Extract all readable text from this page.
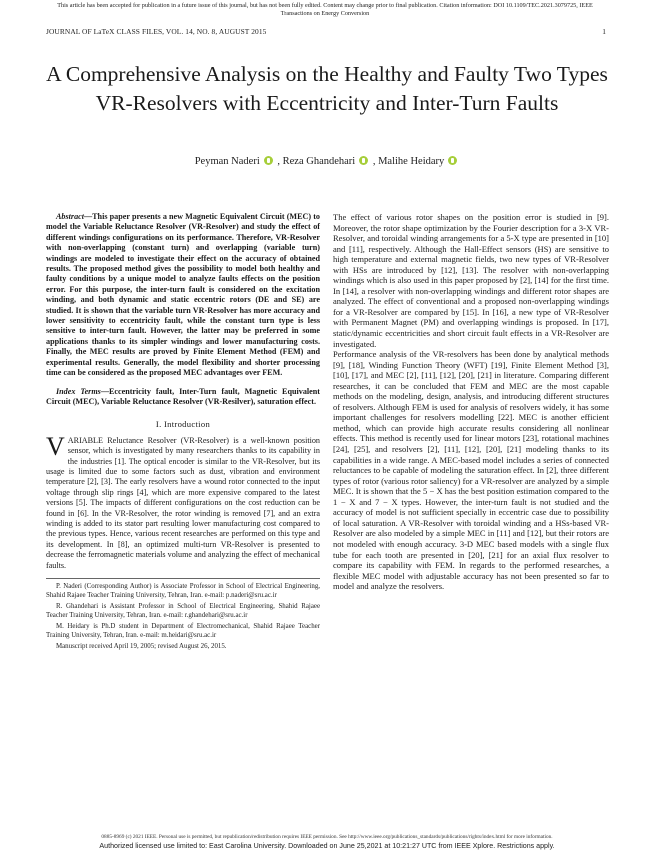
This article has been accepted for publication in a future issue of this journal, but has not been fully edited. Content may change prior to final publication. Citation information: DOI 10.1109/TEC.2021.3079725, IEEE
Transactions on Energy Conversion
JOURNAL OF LaTeX CLASS FILES, VOL. 14, NO. 8, AUGUST 2015	1
A Comprehensive Analysis on the Healthy and Faulty Two Types VR-Resolvers with Eccentricity and Inter-Turn Faults
Peyman Naderi , Reza Ghandehari , Malihe Heidary

Abstract—This paper presents a new Magnetic Equivalent Circuit (MEC) to model the Variable Reluctance Resolver (VR-Resolver) and study the effect of different windings configurations on its performance. Therefore, VR-Resolver with non-overlapping (constant turn) and overlapping (variable turn) windings are modeled to investigate their effect on the accuracy of obtained results. The proposed method gives the possibility to model both healthy and faulty conditions by a unique model to analyze faults effects on the position error. For this purpose, the inter-turn fault is considered on the excitation winding, and both dynamic and static eccentric rotors (DE and SE) are studied. It is shown that the variable turn VR-Resolver has more accuracy and lower sensitivity to eccentricity fault, while the constant turn type is less sensitive to inter-turn fault. However, the latter may be preferred in some applications thanks to its simpler windings and lower manufacturing costs. Finally, the MEC results are proved by Finite Element Method (FEM) and experimental results. Generally, the model flexibility and shorter processing time can be considered as the proposed MEC advantages over FEM.

Index Terms—Eccentricity fault, Inter-Turn fault, Magnetic Equivalent Circuit (MEC), Variable Reluctance Resolver (VR-Resilver), saturation effect.

I. Introduction

VARIABLE Reluctance Resolver (VR-Resolver) is a well-known position sensor, which is investigated by many researchers thanks to its capability in the industries [1]. The optical encoder is similar to the VR-Resolver, but its usage is limited due to some factors such as dust, vibration and environment temperature [2], [3]. The early resolvers have a wound rotor connected to the input voltage through slip rings [4], which are more expensive compared to the latest versions [5]. The impacts of different configurations on the cost reduction can be found in [6]. In the VR-Resolver, the rotor winding is removed [7], and an extra winding is added to its stator part resulting lower manufacturing cost compared to the previous types. Hence, various recent researches are performed on this type and its development. In [8], an optimized multi-turn VR-Resolver is presented to decrease the ferromagnetic materials volume and analyzing the effect of mechanical faults.

P. Naderi (Corresponding Author) is Associate Professor in School of Electrical Engineering, Shahid Rajaee Teacher Training University, Tehran, Iran. e-mail: p.naderi@sru.ac.ir

R. Ghandehari is Assistant Professor in School of Electrical Engineering, Shahid Rajaee Teacher Training University, Tehran, Iran. e-mail: r.ghandehari@sru.ac.ir

M. Heidary is Ph.D student in Department of Electromechanical, Shahid Rajaee Teacher Training University, Tehran, Iran. e-mail: m.heidari@sru.ac.ir

Manuscript received April 19, 2005; revised August 26, 2015.

The effect of various rotor shapes on the position error is studied in [9]. Moreover, the rotor shape optimization by the Fourier description for a 3-X VR-Resolver, and toroidal winding arrangements for a 5-X type are presented in [10] and [11], respectively. Although the Hall-Effect sensors (HS) are sensitive to high temperature and external magnetic fields, two new types of VR-Resolver with HSs are introduced by [12], [13]. The resolver with non-overlapping windings which is also used in this paper proposed by [2], [14] for the first time. In [14], a resolver with non-overlapping windings and different rotor shapes are analyzed. The effect of conventional and a proposed non-overlapping windings for a VR-Resolver are compared by [15]. In [16], a new type of VR-Resolver with Permanent Magnet (PM) and overlapping windings is proposed. In [17], static/dynamic eccentricities and short circuit fault effects in a VR-Resolver are investigated.

Performance analysis of the VR-resolvers has been done by analytical methods [9], [18], Winding Function Theory (WFT) [19], Finite Element Method [3], [10], [17], and MEC [2], [11], [12], [20], [21] in literature. Comparing different researches, it can be concluded that FEM and MEC are the most capable methods on the modeling, design, analysis, and introducing different structures of resolvers. Although FEM is used for analysis of resolvers widely, it has some important challenges for resolvers modelling [22]. MEC is another efficient method, which can provide high accurate results considering all nonlinear effects. This method is recently used for linear motors [23], rotational machines [24], [25], and resolvers [2], [11], [12], [20], [21] modeling thanks to its capabilities in a wide range. A MEC-based model includes a series of connected reluctances to be capable of modeling the saturation effect. In [2], three different types of rotor (various rotor saliency) for a VR-resolver are analyzed by a simple MEC. It is shown that the 5 − X has the best position estimation compared to the 1 − X and 7 − X types. However, the inter-turn fault is not studied and the accuracy of model is not sufficient specially in eccentric case due to possibility of local saturation. A VR-Resolver with toroidal winding and a HSs-based VR-Resolver are also modeled by a simple MEC in [11] and [12], but their rotors are not modeled with enough accuracy. 3-D MEC based models with a single flux tube for each tooth are presented in [20], [21] for an axial flux resolver to compare its capability with FEM. In regards to the performed researches, a flexible MEC model with adjustable accuracy has not been presented so far to model and analyze the resolvers.

0885-8969 (c) 2021 IEEE. Personal use is permitted, but republication/redistribution requires IEEE permission. See http://www.ieee.org/publications_standards/publications/rights/index.html for more information.
Authorized licensed use limited to: East Carolina University. Downloaded on June 25,2021 at 10:21:27 UTC from IEEE Xplore. Restrictions apply.
